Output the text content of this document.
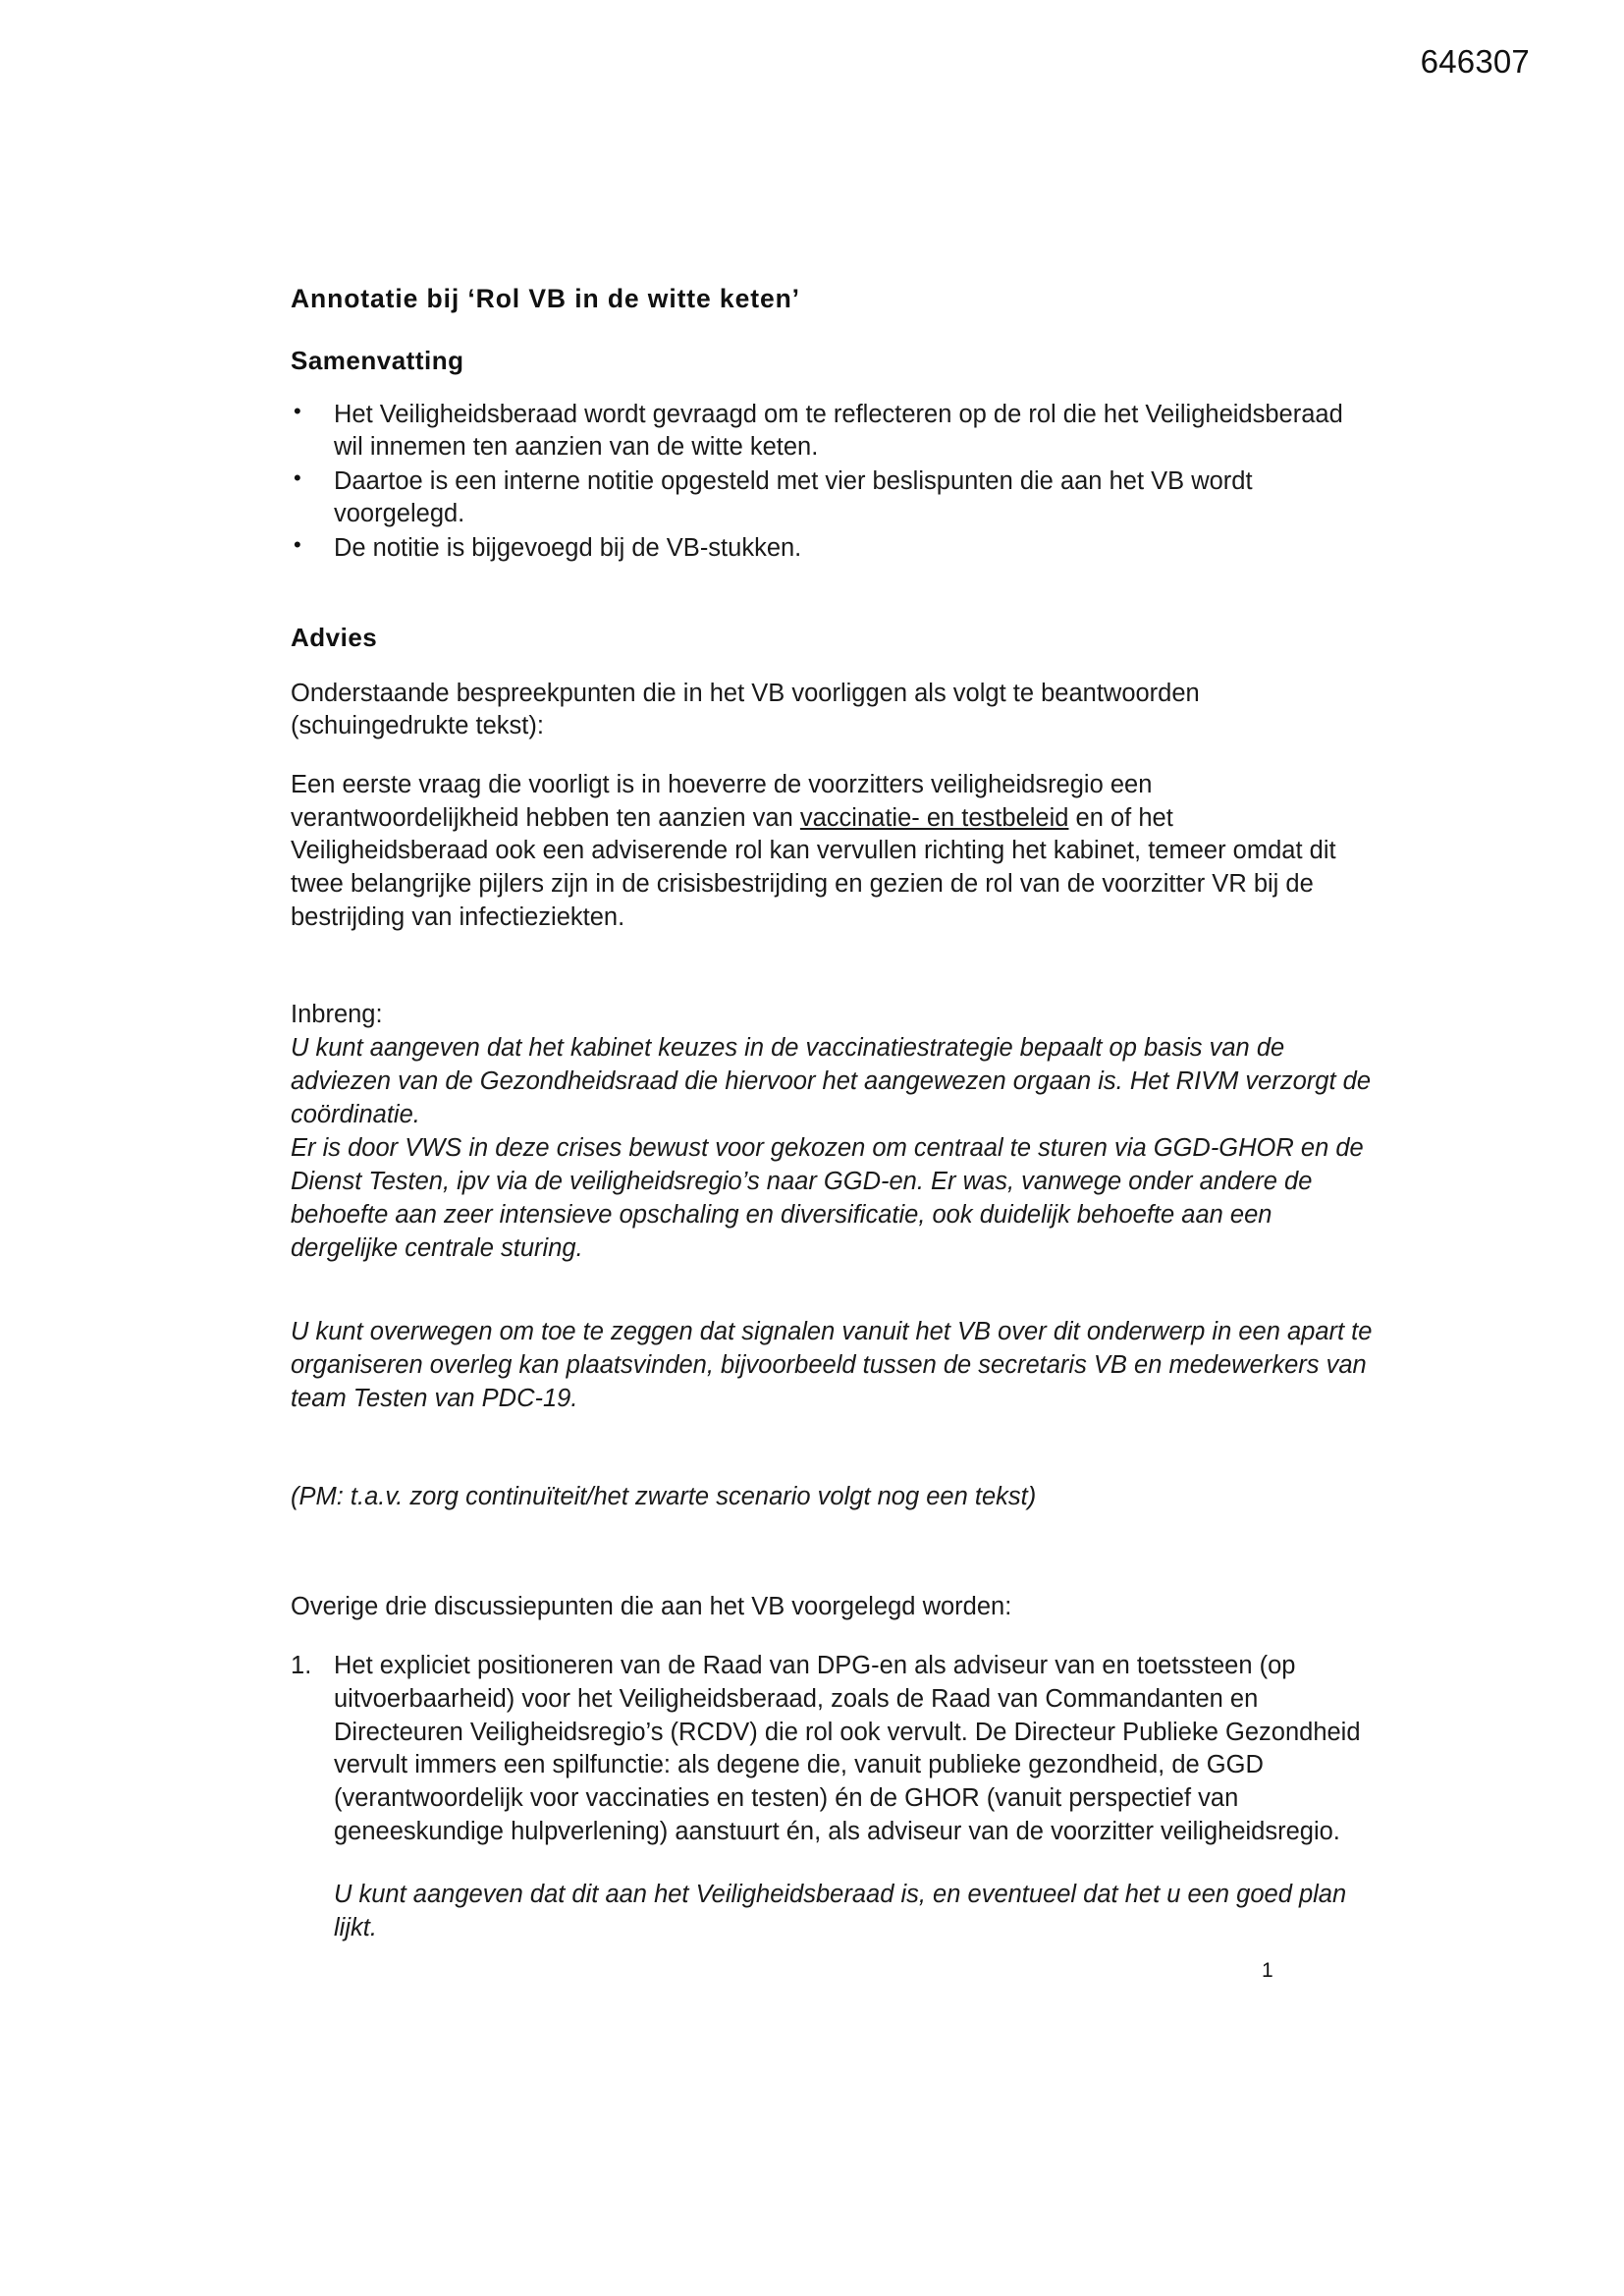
646307
Annotatie bij ‘Rol VB in de witte keten’
Samenvatting
• Het Veiligheidsberaad wordt gevraagd om te reflecteren op de rol die het Veiligheidsberaad wil innemen ten aanzien van de witte keten.
• Daartoe is een interne notitie opgesteld met vier beslispunten die aan het VB wordt voorgelegd.
• De notitie is bijgevoegd bij de VB-stukken.
Advies

Onderstaande bespreekpunten die in het VB voorliggen als volgt te beantwoorden (schuingedrukte tekst):

Een eerste vraag die voorligt is in hoeverre de voorzitters veiligheidsregio een verantwoordelijkheid hebben ten aanzien van vaccinatie- en testbeleid en of het Veiligheidsberaad ook een adviserende rol kan vervullen richting het kabinet, temeer omdat dit twee belangrijke pijlers zijn in de crisisbestrijding en gezien de rol van de voorzitter VR bij de bestrijding van infectieziekten.

Inbreng:

U kunt aangeven dat het kabinet keuzes in de vaccinatiestrategie bepaalt op basis van de adviezen van de Gezondheidsraad die hiervoor het aangewezen orgaan is. Het RIVM verzorgt de coördinatie.

Er is door VWS in deze crises bewust voor gekozen om centraal te sturen via GGD-GHOR en de Dienst Testen, ipv via de veiligheidsregio’s naar GGD-en. Er was, vanwege onder andere de behoefte aan zeer intensieve opschaling en diversificatie, ook duidelijk behoefte aan een dergelijke centrale sturing.

U kunt overwegen om toe te zeggen dat signalen vanuit het VB over dit onderwerp in een apart te organiseren overleg kan plaatsvinden, bijvoorbeeld tussen de secretaris VB en medewerkers van team Testen van PDC-19.

(PM: t.a.v. zorg continuïteit/het zwarte scenario volgt nog een tekst)

Overige drie discussiepunten die aan het VB voorgelegd worden:

Het expliciet positioneren van de Raad van DPG-en als adviseur van en toetssteen (op uitvoerbaarheid) voor het Veiligheidsberaad, zoals de Raad van Commandanten en Directeuren Veiligheidsregio’s (RCDV) die rol ook vervult. De Directeur Publieke Gezondheid vervult immers een spilfunctie: als degene die, vanuit publieke gezondheid, de GGD (verantwoordelijk voor vaccinaties en testen) én de GHOR (vanuit perspectief van geneeskundige hulpverlening) aanstuurt én, als adviseur van de voorzitter veiligheidsregio.
U kunt aangeven dat dit aan het Veiligheidsberaad is, en eventueel dat het u een goed plan lijkt.
1
